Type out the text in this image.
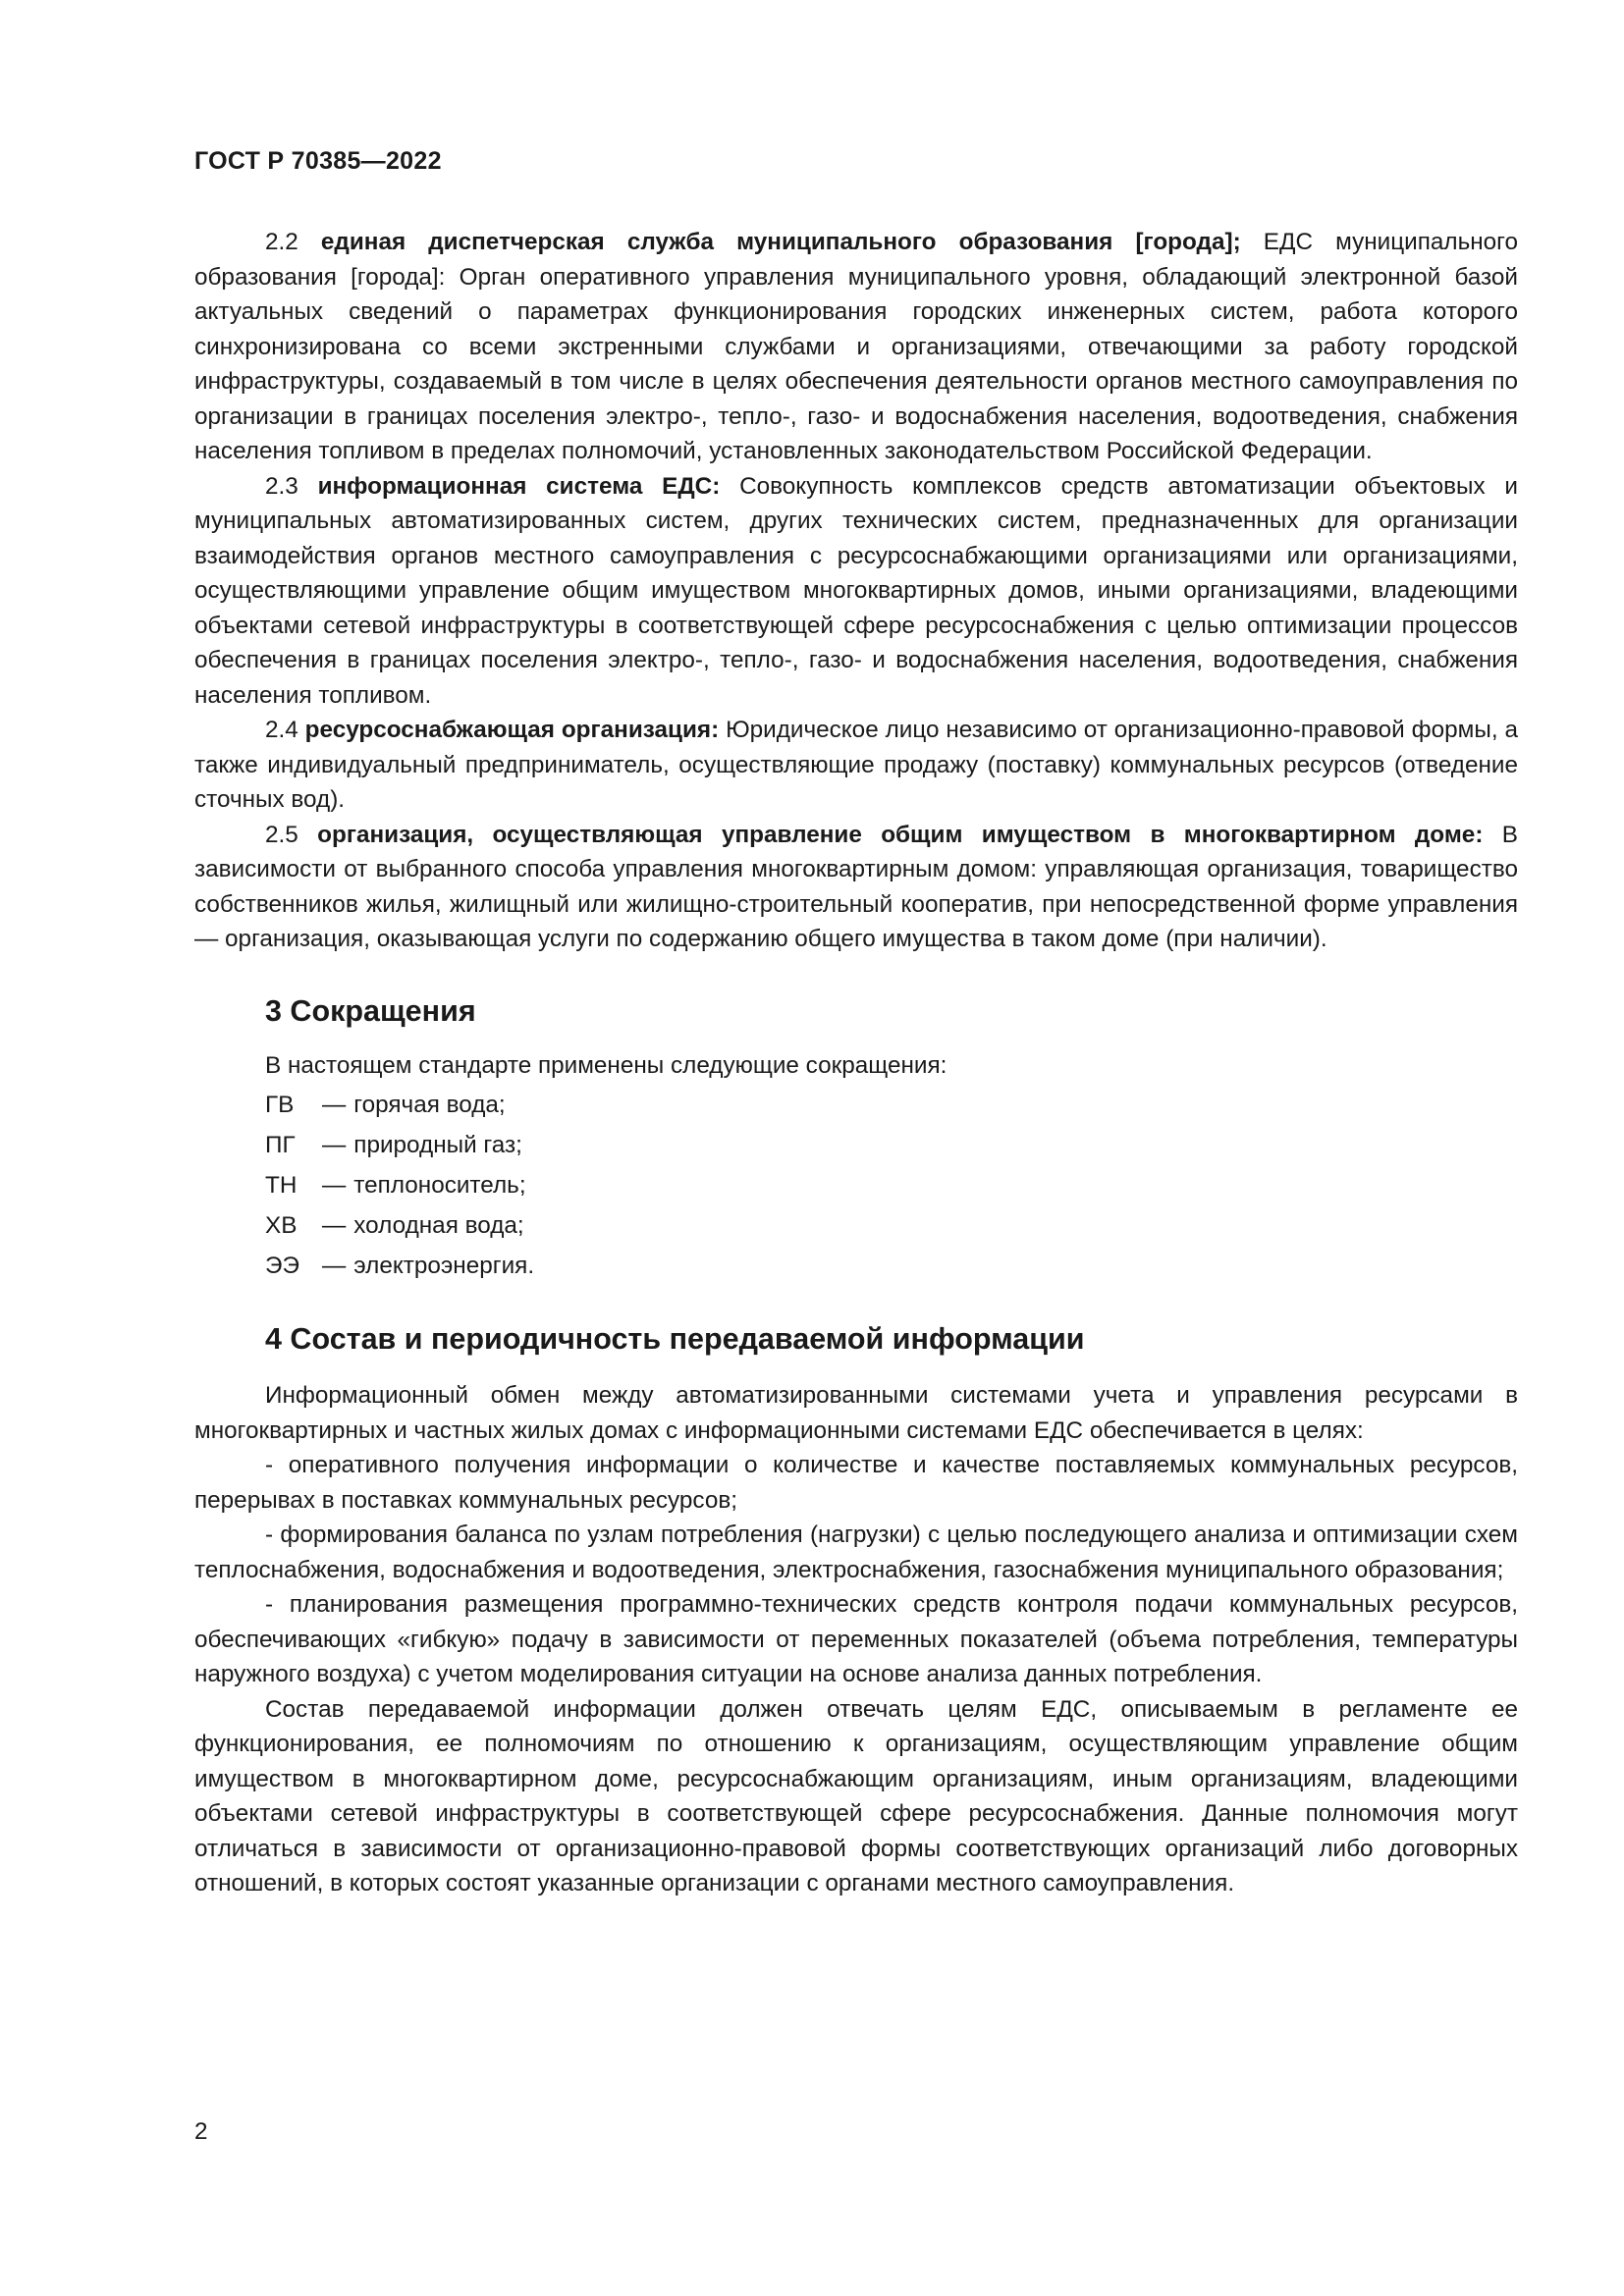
ГОСТ Р 70385—2022

2.2 единая диспетчерская служба муниципального образования [города]; ЕДС муниципального образования [города]: Орган оперативного управления муниципального уровня, обладающий электронной базой актуальных сведений о параметрах функционирования городских инженерных систем, работа которого синхронизирована со всеми экстренными службами и организациями, отвечающими за работу городской инфраструктуры, создаваемый в том числе в целях обеспечения деятельности органов местного самоуправления по организации в границах поселения электро-, тепло-, газо- и водоснабжения населения, водоотведения, снабжения населения топливом в пределах полномочий, установленных законодательством Российской Федерации.

2.3 информационная система ЕДС: Совокупность комплексов средств автоматизации объектовых и муниципальных автоматизированных систем, других технических систем, предназначенных для организации взаимодействия органов местного самоуправления с ресурсоснабжающими организациями или организациями, осуществляющими управление общим имуществом многоквартирных домов, иными организациями, владеющими объектами сетевой инфраструктуры в соответствующей сфере ресурсоснабжения с целью оптимизации процессов обеспечения в границах поселения электро-, тепло-, газо- и водоснабжения населения, водоотведения, снабжения населения топливом.

2.4 ресурсоснабжающая организация: Юридическое лицо независимо от организационно-правовой формы, а также индивидуальный предприниматель, осуществляющие продажу (поставку) коммунальных ресурсов (отведение сточных вод).

2.5 организация, осуществляющая управление общим имуществом в многоквартирном доме: В зависимости от выбранного способа управления многоквартирным домом: управляющая организация, товарищество собственников жилья, жилищный или жилищно-строительный кооператив, при непосредственной форме управления — организация, оказывающая услуги по содержанию общего имущества в таком доме (при наличии).

3 Сокращения

В настоящем стандарте применены следующие сокращения:

ГВ	— горячая вода;
ПГ	— природный газ;
ТН	— теплоноситель;
ХВ	— холодная вода;
ЭЭ — электроэнергия.
4 Состав и периодичность передаваемой информации

Информационный обмен между автоматизированными системами учета и управления ресурсами в многоквартирных и частных жилых домах с информационными системами ЕДС обеспечивается в целях:

- оперативного получения информации о количестве и качестве поставляемых коммунальных ресурсов, перерывах в поставках коммунальных ресурсов;

- формирования баланса по узлам потребления (нагрузки) с целью последующего анализа и оптимизации схем теплоснабжения, водоснабжения и водоотведения, электроснабжения, газоснабжения муниципального образования;

- планирования размещения программно-технических средств контроля подачи коммунальных ресурсов, обеспечивающих «гибкую» подачу в зависимости от переменных показателей (объема потребления, температуры наружного воздуха) с учетом моделирования ситуации на основе анализа данных потребления.

Состав передаваемой информации должен отвечать целям ЕДС, описываемым в регламенте ее функционирования, ее полномочиям по отношению к организациям, осуществляющим управление общим имуществом в многоквартирном доме, ресурсоснабжающим организациям, иным организациям, владеющими объектами сетевой инфраструктуры в соответствующей сфере ресурсоснабжения. Данные полномочия могут отличаться в зависимости от организационно-правовой формы соответствующих организаций либо договорных отношений, в которых состоят указанные организации с органами местного самоуправления.

2
